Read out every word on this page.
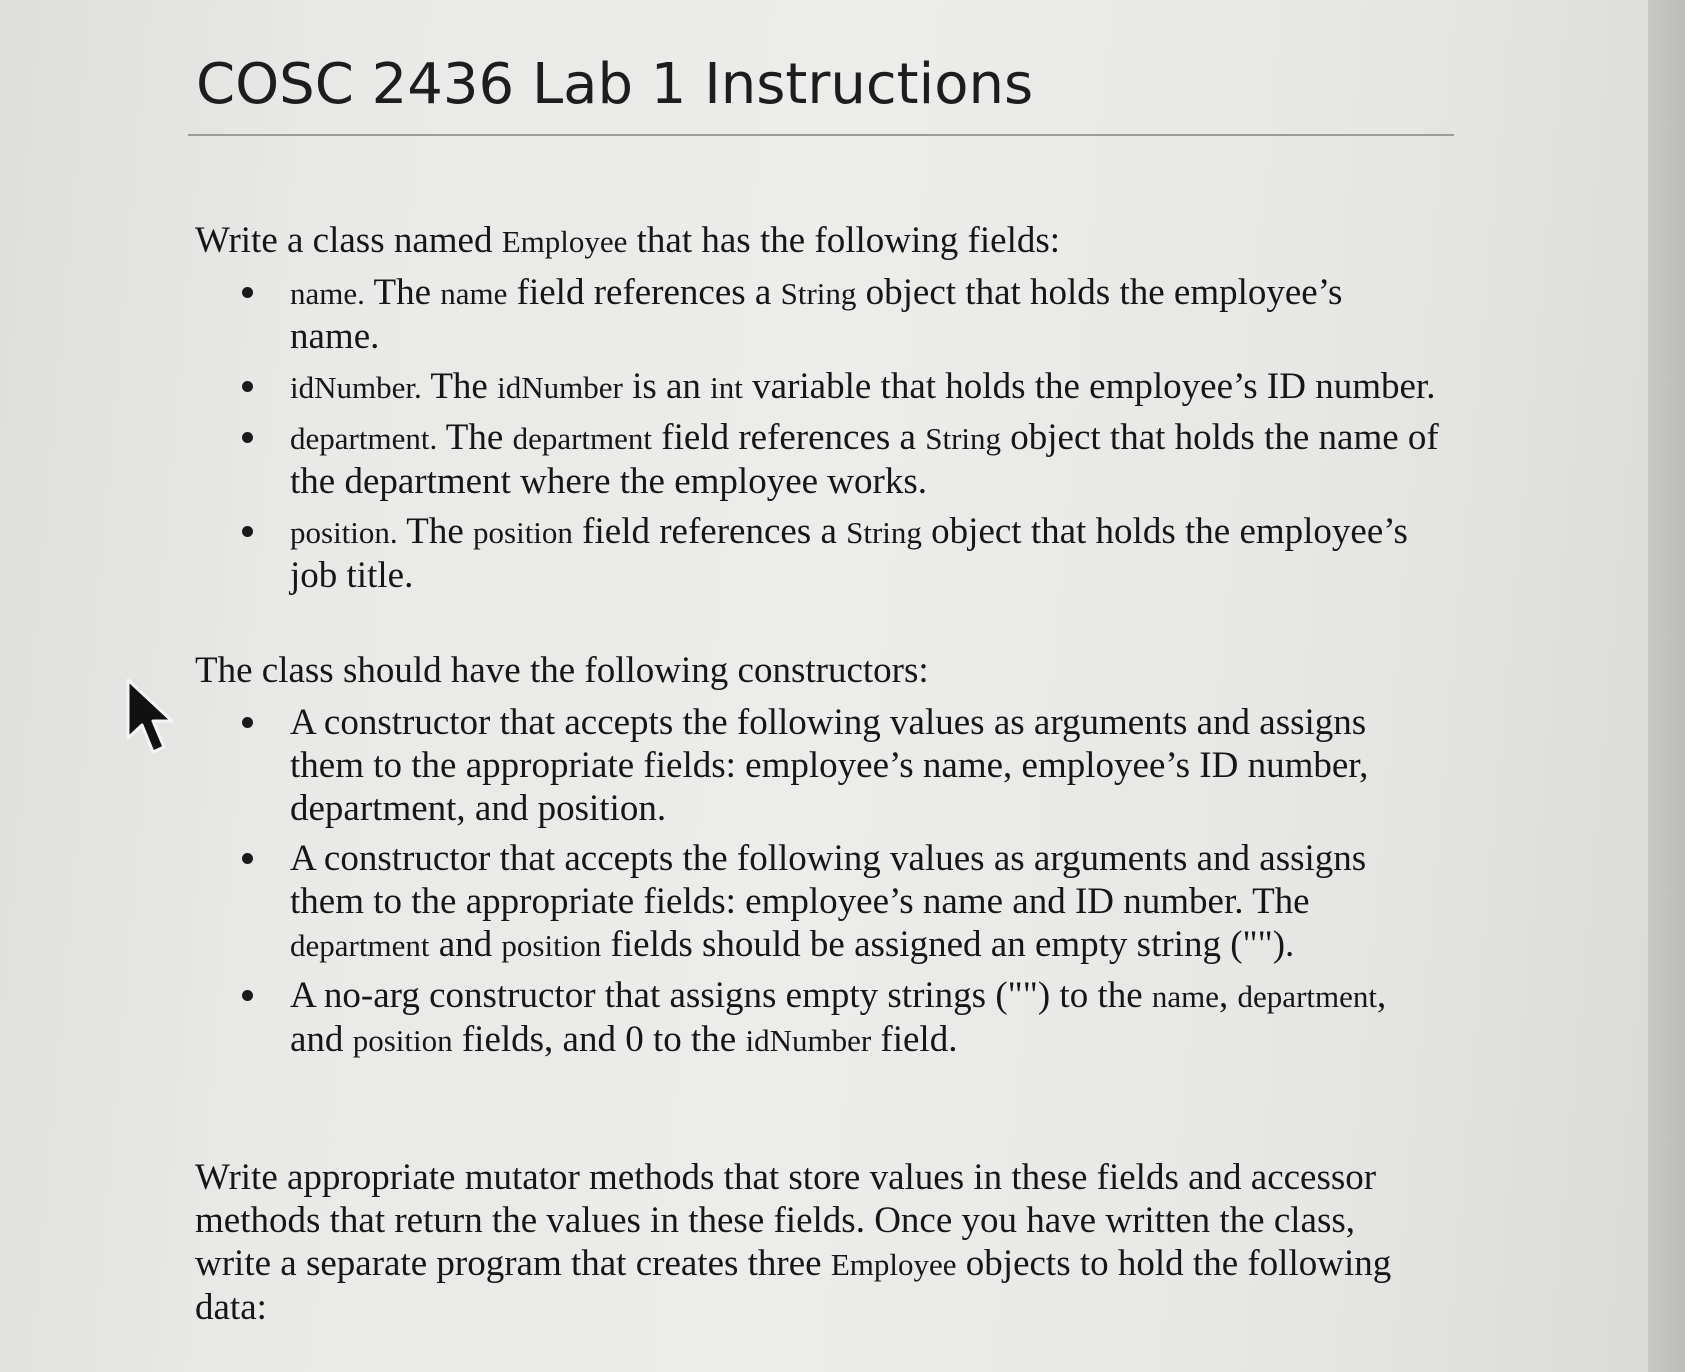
COSC 2436 Lab 1 Instructions

Write a class named Employee that has the following fields:

name. The name field references a String object that holds the employee’s name.
idNumber. The idNumber is an int variable that holds the employee’s ID number.
department. The department field references a String object that holds the name of the department where the employee works.
position. The position field references a String object that holds the employee’s job title.

The class should have the following constructors:

A constructor that accepts the following values as arguments and assigns them to the appropriate fields: employee’s name, employee’s ID number, department, and position.
A constructor that accepts the following values as arguments and assigns them to the appropriate fields: employee’s name and ID number. The department and position fields should be assigned an empty string ("").
A no-arg constructor that assigns empty strings ("") to the name, department, and position fields, and 0 to the idNumber field.

Write appropriate mutator methods that store values in these fields and accessor methods that return the values in these fields. Once you have written the class, write a separate program that creates three Employee objects to hold the following data:
